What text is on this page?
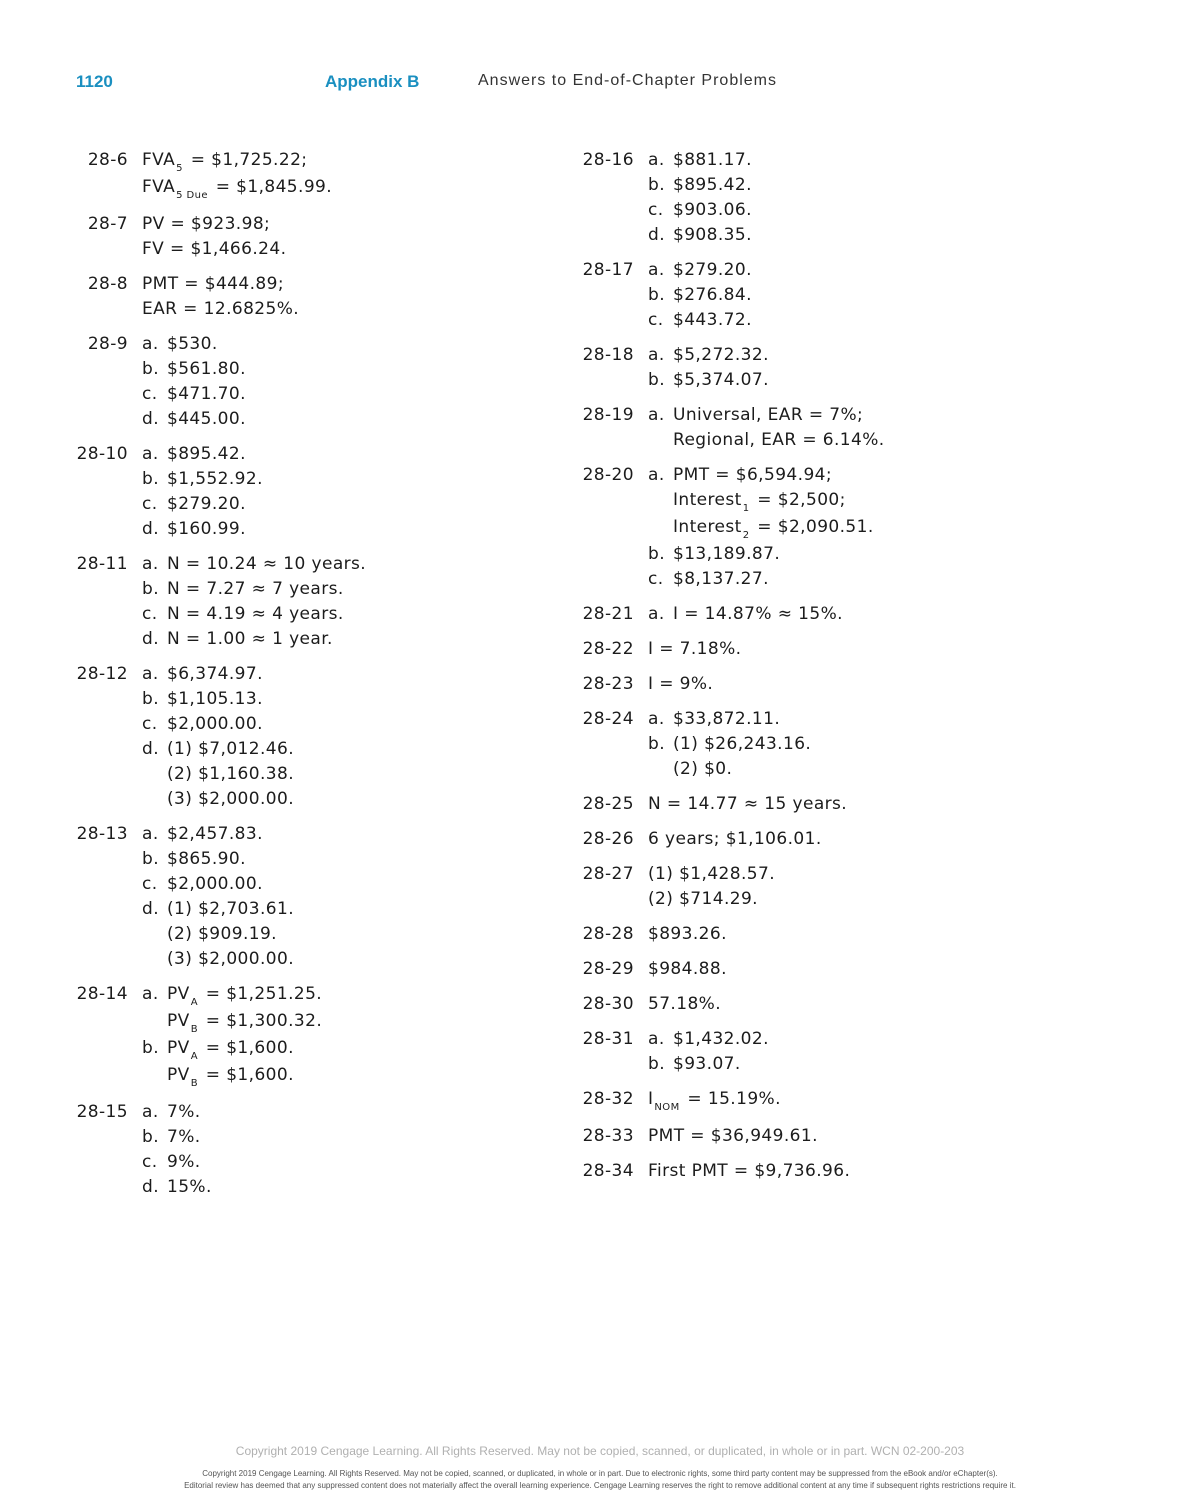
1120	Appendix B	Answers to End-of-Chapter Problems
28-6 $FVA_5$ = $1,725.22;
$FVA_{5 Due}$ = $1,845.99.
28-7 PV = $923.98;
FV = $1,466.24.
28-8 PMT = $444.89;
EAR = 12.6825%.
28-9 a. $530.
b. $561.80.
c. $471.70.
d. $445.00.
28-10 a. $895.42.
b. $1,552.92.
c. $279.20.
d. $160.99.
28-11 a. N = 10.24 ≈ 10 years.
b. N = 7.27 ≈ 7 years.
c. N = 4.19 ≈ 4 years.
d. N = 1.00 ≈ 1 year.
28-12 a. $6,374.97.
b. $1,105.13.
c. $2,000.00.
d. (1) $7,012.46.
(2) $1,160.38.
(3) $2,000.00.
28-13 a. $2,457.83.
b. $865.90.
c. $2,000.00.
d. (1) $2,703.61.
(2) $909.19.
(3) $2,000.00.
28-14 a. $PV_A$ = $1,251.25.
$PV_B$ = $1,300.32.
b. $PV_A$ = $1,600.
$PV_B$ = $1,600.
28-15 a. 7%.
b. 7%.
c. 9%.
d. 15%.
28-16 a. $881.17.
b. $895.42.
c. $903.06.
d. $908.35.
28-17 a. $279.20.
b. $276.84.
c. $443.72.
28-18 a. $5,272.32.
b. $5,374.07.
28-19 a. Universal, EAR = 7%;
Regional, EAR = 6.14%.
28-20 a. PMT = $6,594.94;
Interest$_1$ = $2,500;
Interest$_2$ = $2,090.51.
b. $13,189.87.
c. $8,137.27.
28-21 a. I = 14.87% ≈ 15%.
28-22 I = 7.18%.
28-23 I = 9%.
28-24 a. $33,872.11.
b. (1) $26,243.16.
(2) $0.
28-25 N = 14.77 ≈ 15 years.
28-26 6 years; $1,106.01.
28-27 (1) $1,428.57.
(2) $714.29.
28-28 $893.26.
28-29 $984.88.
28-30 57.18%.
28-31 a. $1,432.02.
b. $93.07.
28-32 $I_{NOM} = 15.19\%$.
28-33 PMT = $36,949.61.
28-34 First PMT = $9,736.96.
Copyright 2019 Cengage Learning. All Rights Reserved. May not be copied, scanned, or duplicated, in whole or in part. WCN 02-200-203
Copyright 2019 Cengage Learning. All Rights Reserved. May not be copied, scanned, or duplicated, in whole or in part. Due to electronic rights, some third party content may be suppressed from the eBook and/or eChapter(s).
Editorial review has deemed that any suppressed content does not materially affect the overall learning experience. Cengage Learning reserves the right to remove additional content at any time if subsequent rights restrictions require it.
